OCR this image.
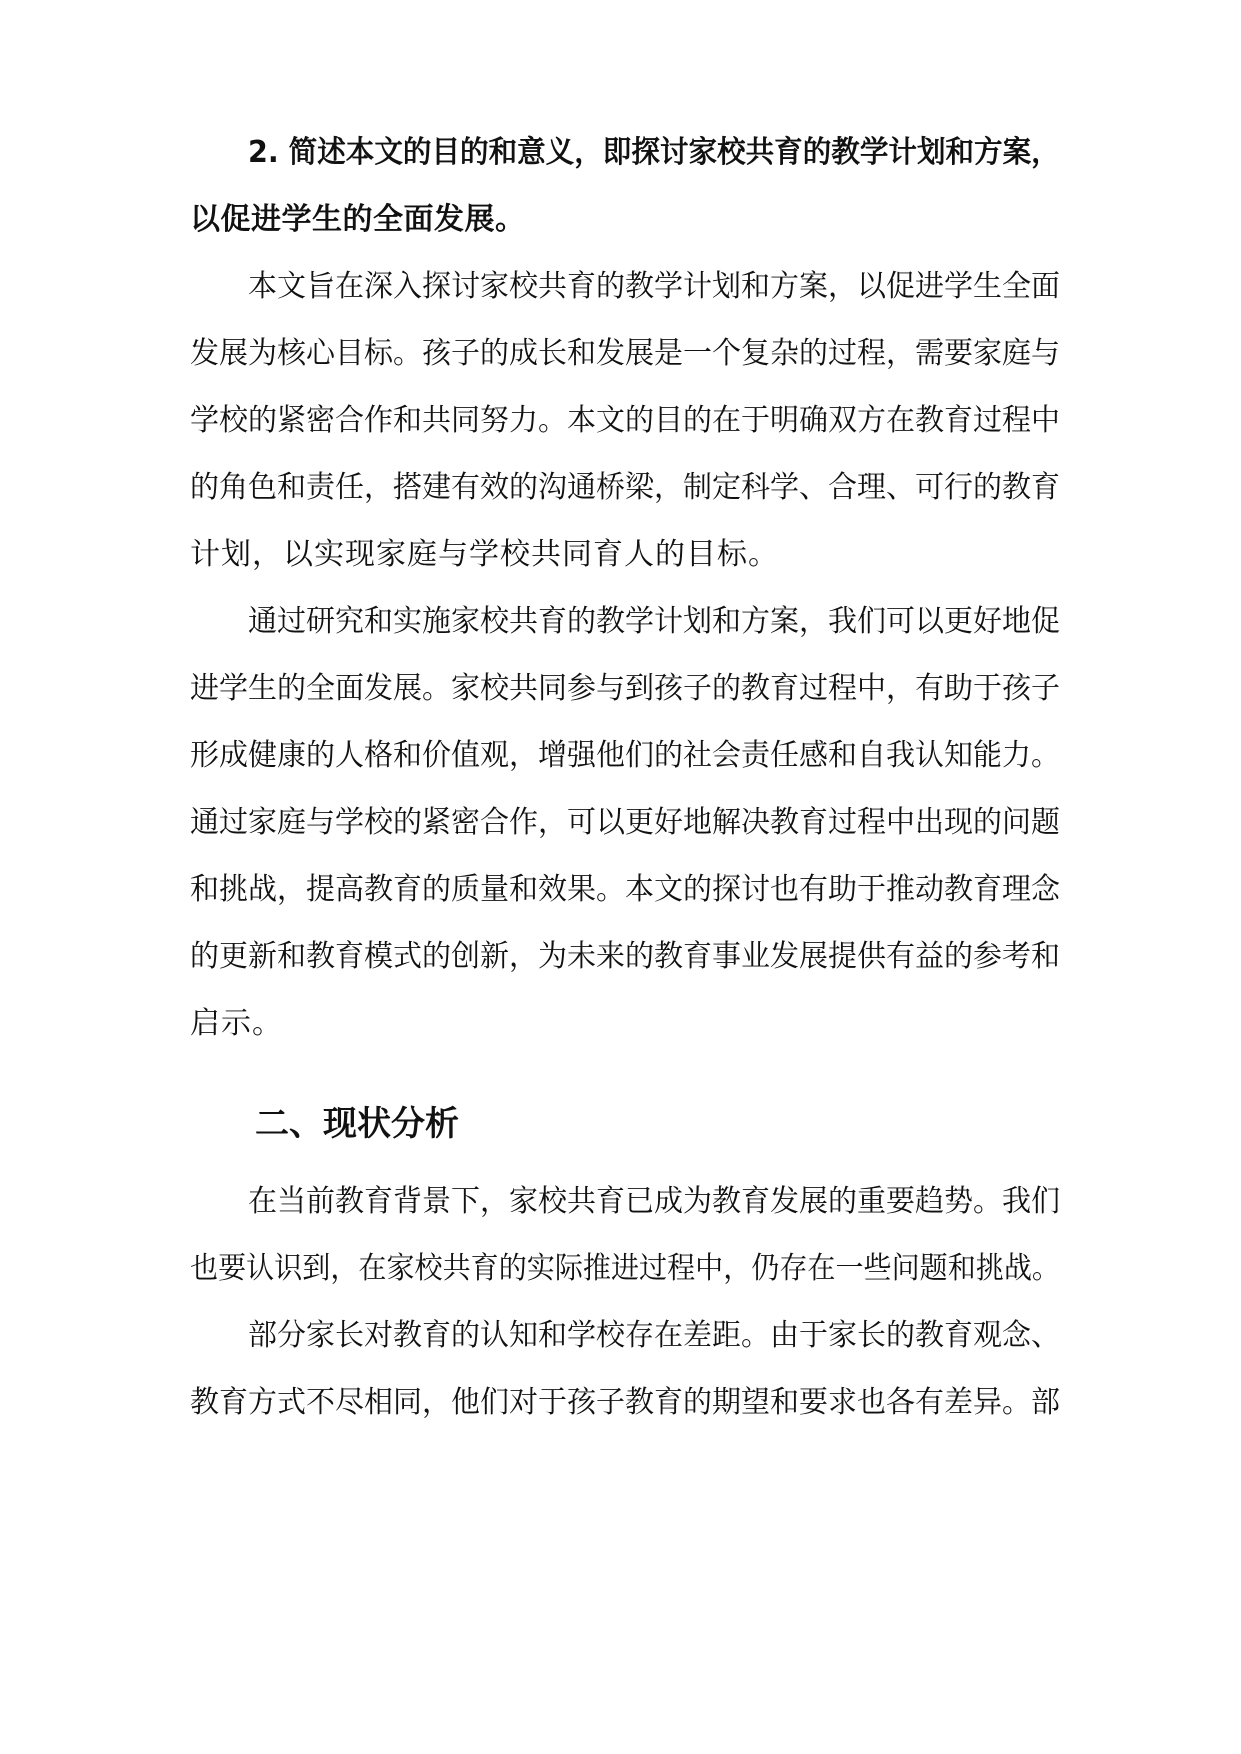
2. 简述本文的目的和意义，即探讨家校共育的教学计划和方案，
以促进学生的全面发展。
本文旨在深入探讨家校共育的教学计划和方案，以促进学生全面
发展为核心目标。孩子的成长和发展是一个复杂的过程，需要家庭与
学校的紧密合作和共同努力。本文的目的在于明确双方在教育过程中
的角色和责任，搭建有效的沟通桥梁，制定科学、合理、可行的教育
计划，以实现家庭与学校共同育人的目标。
通过研究和实施家校共育的教学计划和方案，我们可以更好地促
进学生的全面发展。家校共同参与到孩子的教育过程中，有助于孩子
形成健康的人格和价值观，增强他们的社会责任感和自我认知能力。
通过家庭与学校的紧密合作，可以更好地解决教育过程中出现的问题
和挑战，提高教育的质量和效果。本文的探讨也有助于推动教育理念
的更新和教育模式的创新，为未来的教育事业发展提供有益的参考和
启示。
二、现状分析
在当前教育背景下，家校共育已成为教育发展的重要趋势。我们
也要认识到，在家校共育的实际推进过程中，仍存在一些问题和挑战。
部分家长对教育的认知和学校存在差距。由于家长的教育观念、
教育方式不尽相同，他们对于孩子教育的期望和要求也各有差异。部
